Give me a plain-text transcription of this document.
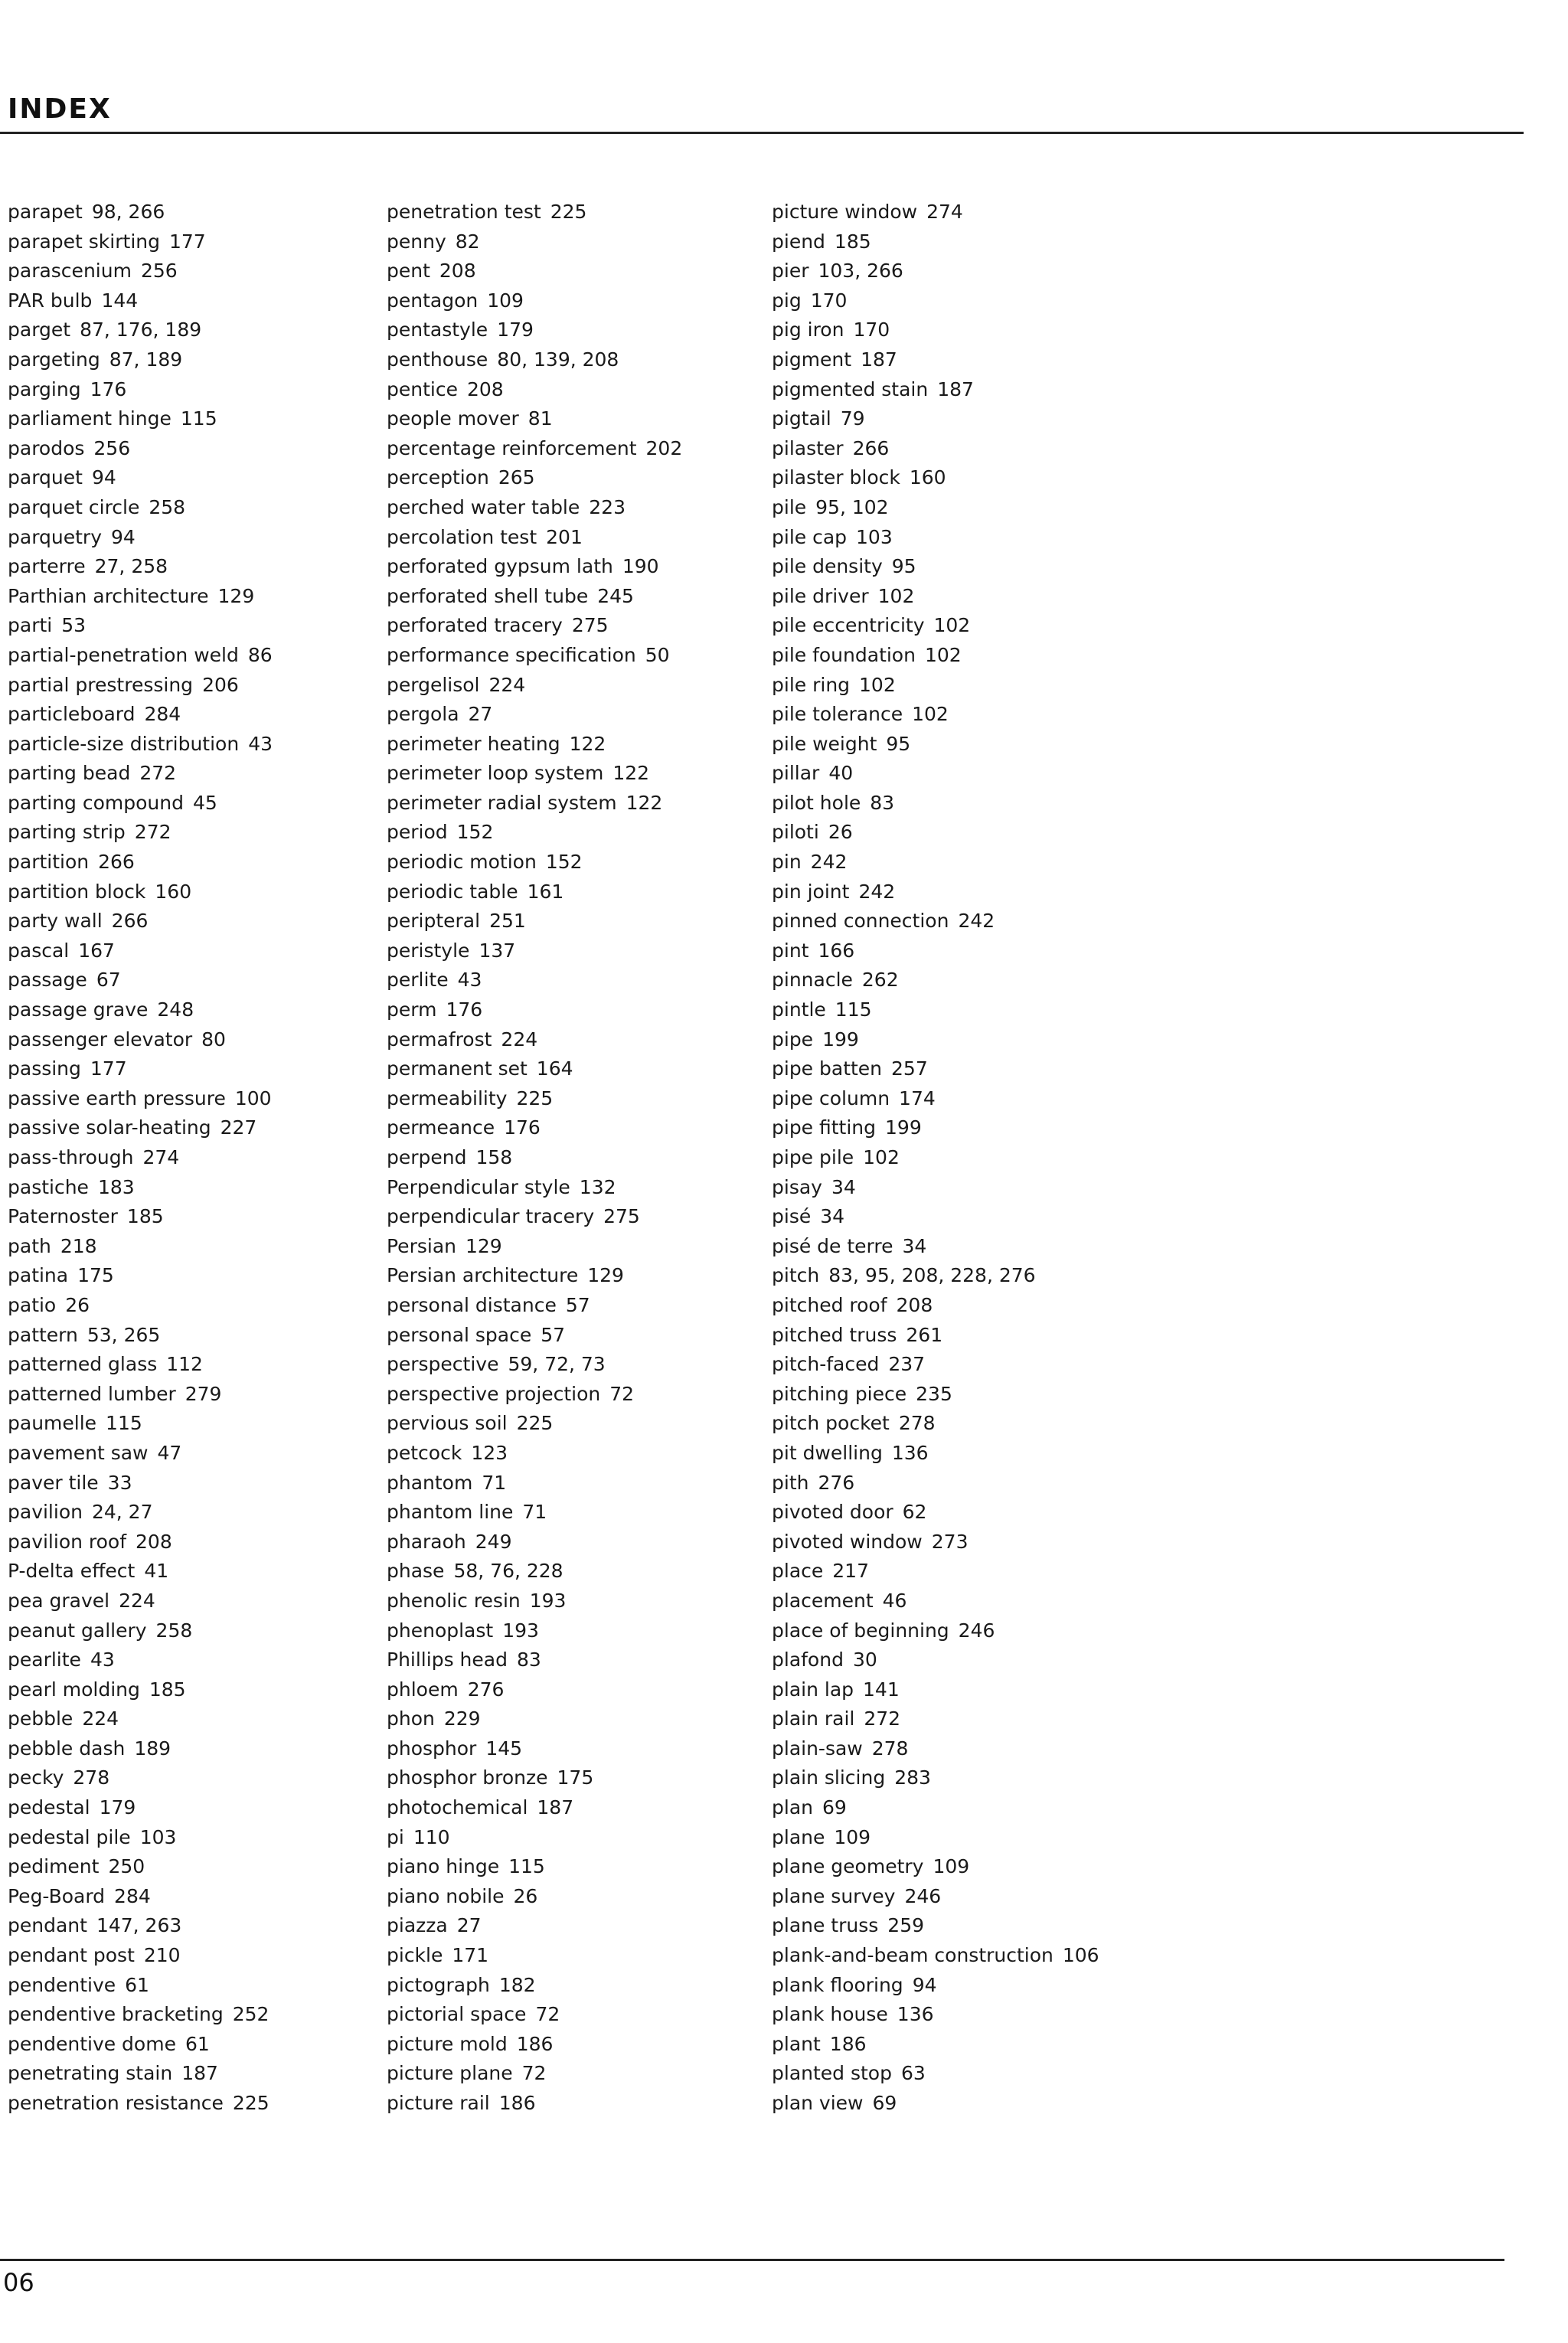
INDEX
parapet 98, 266
parapet skirting 177
parascenium 256
PAR bulb 144
parget 87, 176, 189
pargeting 87, 189
parging 176
parliament hinge 115
parodos 256
parquet 94
parquet circle 258
parquetry 94
parterre 27, 258
Parthian architecture 129
parti 53
partial-penetration weld 86
partial prestressing 206
particleboard 284
particle-size distribution 43
parting bead 272
parting compound 45
parting strip 272
partition 266
partition block 160
party wall 266
pascal 167
passage 67
passage grave 248
passenger elevator 80
passing 177
passive earth pressure 100
passive solar-heating 227
pass-through 274
pastiche 183
Paternoster 185
path 218
patina 175
patio 26
pattern 53, 265
patterned glass 112
patterned lumber 279
paumelle 115
pavement saw 47
paver tile 33
pavilion 24, 27
pavilion roof 208
P-delta effect 41
pea gravel 224
peanut gallery 258
pearlite 43
pearl molding 185
pebble 224
pebble dash 189
pecky 278
pedestal 179
pedestal pile 103
pediment 250
Peg-Board 284
pendant 147, 263
pendant post 210
pendentive 61
pendentive bracketing 252
pendentive dome 61
penetrating stain 187
penetration resistance 225
penetration test 225
penny 82
pent 208
pentagon 109
pentastyle 179
penthouse 80, 139, 208
pentice 208
people mover 81
percentage reinforcement 202
perception 265
perched water table 223
percolation test 201
perforated gypsum lath 190
perforated shell tube 245
perforated tracery 275
performance specification 50
pergelisol 224
pergola 27
perimeter heating 122
perimeter loop system 122
perimeter radial system 122
period 152
periodic motion 152
periodic table 161
peripteral 251
peristyle 137
perlite 43
perm 176
permafrost 224
permanent set 164
permeability 225
permeance 176
perpend 158
Perpendicular style 132
perpendicular tracery 275
Persian 129
Persian architecture 129
personal distance 57
personal space 57
perspective 59, 72, 73
perspective projection 72
pervious soil 225
petcock 123
phantom 71
phantom line 71
pharaoh 249
phase 58, 76, 228
phenolic resin 193
phenoplast 193
Phillips head 83
phloem 276
phon 229
phosphor 145
phosphor bronze 175
photochemical 187
pi 110
piano hinge 115
piano nobile 26
piazza 27
pickle 171
pictograph 182
pictorial space 72
picture mold 186
picture plane 72
picture rail 186
picture window 274
piend 185
pier 103, 266
pig 170
pig iron 170
pigment 187
pigmented stain 187
pigtail 79
pilaster 266
pilaster block 160
pile 95, 102
pile cap 103
pile density 95
pile driver 102
pile eccentricity 102
pile foundation 102
pile ring 102
pile tolerance 102
pile weight 95
pillar 40
pilot hole 83
piloti 26
pin 242
pin joint 242
pinned connection 242
pint 166
pinnacle 262
pintle 115
pipe 199
pipe batten 257
pipe column 174
pipe fitting 199
pipe pile 102
pisay 34
pisé 34
pisé de terre 34
pitch 83, 95, 208, 228, 276
pitched roof 208
pitched truss 261
pitch-faced 237
pitching piece 235
pitch pocket 278
pit dwelling 136
pith 276
pivoted door 62
pivoted window 273
place 217
placement 46
place of beginning 246
plafond 30
plain lap 141
plain rail 272
plain-saw 278
plain slicing 283
plan 69
plane 109
plane geometry 109
plane survey 246
plane truss 259
plank-and-beam construction 106
plank flooring 94
plank house 136
plant 186
planted stop 63
plan view 69
06
